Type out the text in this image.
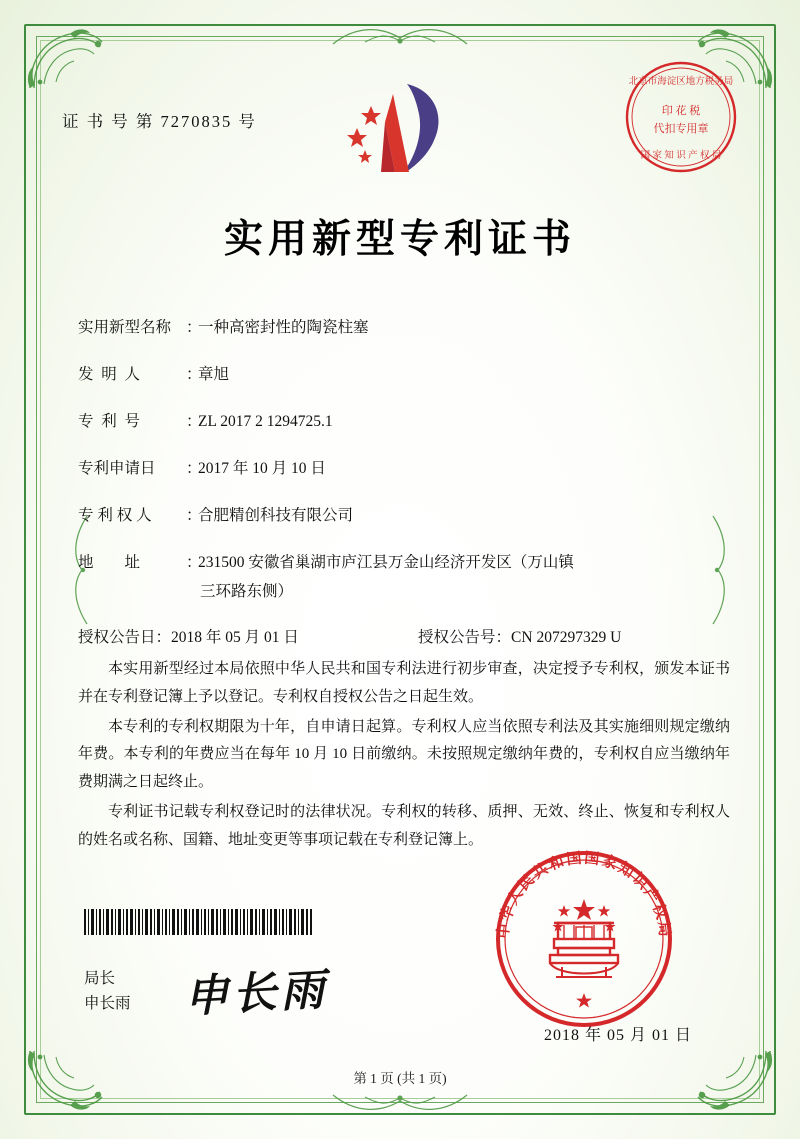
证 书 号 第 7270835 号
北京市海淀区地方税务局
印 花 税
代扣专用章
国 家 知 识 产 权 局
实用新型专利证书
实用新型名称 ：
一种高密封性的陶瓷柱塞
发  明  人	：
章旭
专  利  号	：
ZL 2017 2 1294725.1
专利申请日	：
2017 年 10 月 10 日
专 利 权 人	：
合肥精创科技有限公司
地        址	：
231500 安徽省巢湖市庐江县万金山经济开发区（万山镇
三环路东侧）
授权公告日：2018 年 05 月 01 日	授权公告号：CN 207297329 U

本实用新型经过本局依照中华人民共和国专利法进行初步审查，决定授予专利权，颁发本证书并在专利登记簿上予以登记。专利权自授权公告之日起生效。

本专利的专利权期限为十年，自申请日起算。专利权人应当依照专利法及其实施细则规定缴纳年费。本专利的年费应当在每年 10 月 10 日前缴纳。未按照规定缴纳年费的，专利权自应当缴纳年费期满之日起终止。

专利证书记载专利权登记时的法律状况。专利权的转移、质押、无效、终止、恢复和专利权人的姓名或名称、国籍、地址变更等事项记载在专利登记簿上。

局长
申长雨 申长雨
中华人民共和国国家知识产权局
2018 年 05 月 01 日
第 1 页 (共 1 页)
